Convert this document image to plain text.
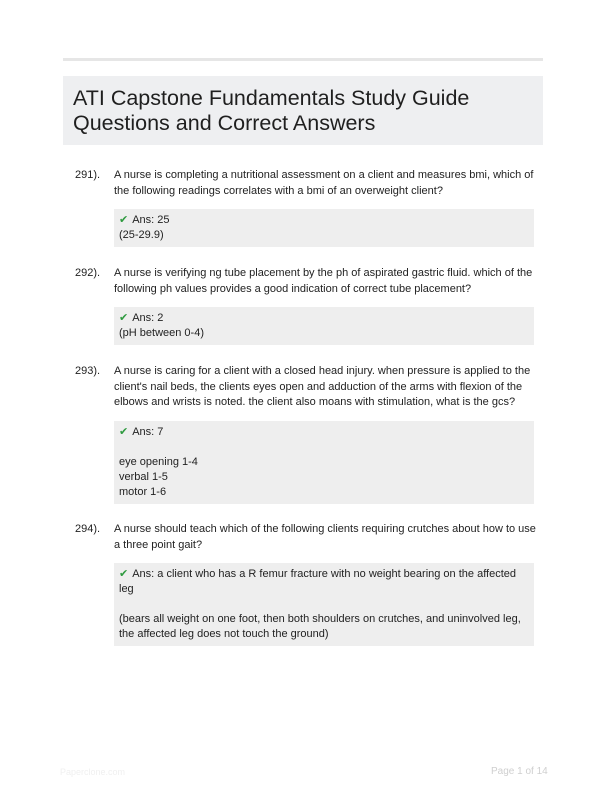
ATI Capstone Fundamentals Study Guide
Questions and Correct Answers
291). A nurse is completing a nutritional assessment on a client and measures bmi, which of the following readings correlates with a bmi of an overweight client?
✔ Ans: 25
(25-29.9)
292). A nurse is verifying ng tube placement by the ph of aspirated gastric fluid. which of the following ph values provides a good indication of correct tube placement?
✔ Ans: 2
(pH between 0-4)
293). A nurse is caring for a client with a closed head injury. when pressure is applied to the client's nail beds, the clients eyes open and adduction of the arms with flexion of the elbows and wrists is noted. the client also moans with stimulation, what is the gcs?
✔ Ans: 7
eye opening 1-4
verbal 1-5
motor 1-6
294). A nurse should teach which of the following clients requiring crutches about how to use a three point gait?
✔ Ans: a client who has a R femur fracture with no weight bearing on the affected leg
(bears all weight on one foot, then both shoulders on crutches, and uninvolved leg, the affected leg does not touch the ground)
Paperclone.com	Page 1 of 14
